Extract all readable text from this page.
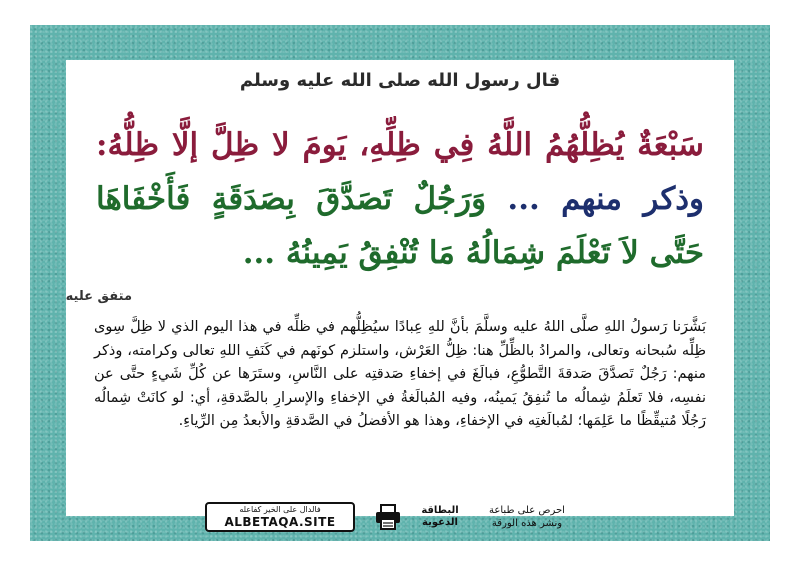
قال رسول الله صلى الله عليه وسلم
سَبْعَةٌ يُظِلُّهُمُ اللَّهُ فِي ظِلِّهِ، يَومَ لا ظِلَّ إلَّا ظِلُّهُ: وذكر منهم ... وَرَجُلٌ تَصَدَّقَ بِصَدَقَةٍ فَأَخْفَاهَا حَتَّى لاَ تَعْلَمَ شِمَالُهُ مَا تُنْفِقُ يَمِينُهُ ...
متفق عليه
بَشَّرَنا رَسولُ اللهِ صلَّى اللهُ عليه وسلَّمَ بأنَّ للهِ عِبادًا سيُظِلُّهم في ظلِّه في هذا اليوم الذي لا ظِلَّ سِوى ظِلِّه سُبحانه وتعالى، والمرادُ بالظِّلِّ هنا: ظِلُّ العَرْش، واستلزم كونَهم في كَنَفِ اللهِ تعالى وكرامته، وذكر منهم: رَجُلٌ تَصدَّقَ صَدقةَ التَّطوُّعِ، فبالَغَ في إخفاءِ صَدقتِه على النَّاسِ، وستَرَها عن كُلِّ شَيءٍ حتَّى عن نفسِه، فلا تَعلَمُ شِمالُه ما تُنفِقُ يَمينُه، وفيه المُبالَغةُ في الإخفاءِ والإسرارِ بالصَّدقةِ، أي: لو كانَتْ شِمالُه رَجُلًا مُتيقِّظًا ما عَلِمَها؛ لمُبالَغتِه في الإخفاءِ، وهذا هو الأفضلُ في الصَّدقةِ والأبعدُ مِن الرِّياءِ.
فالدال على الخير كفاعله
ALBETAQA.SITE
البطاقة
الدعوية
احرص على طباعة
ونشر هذه الورقة
